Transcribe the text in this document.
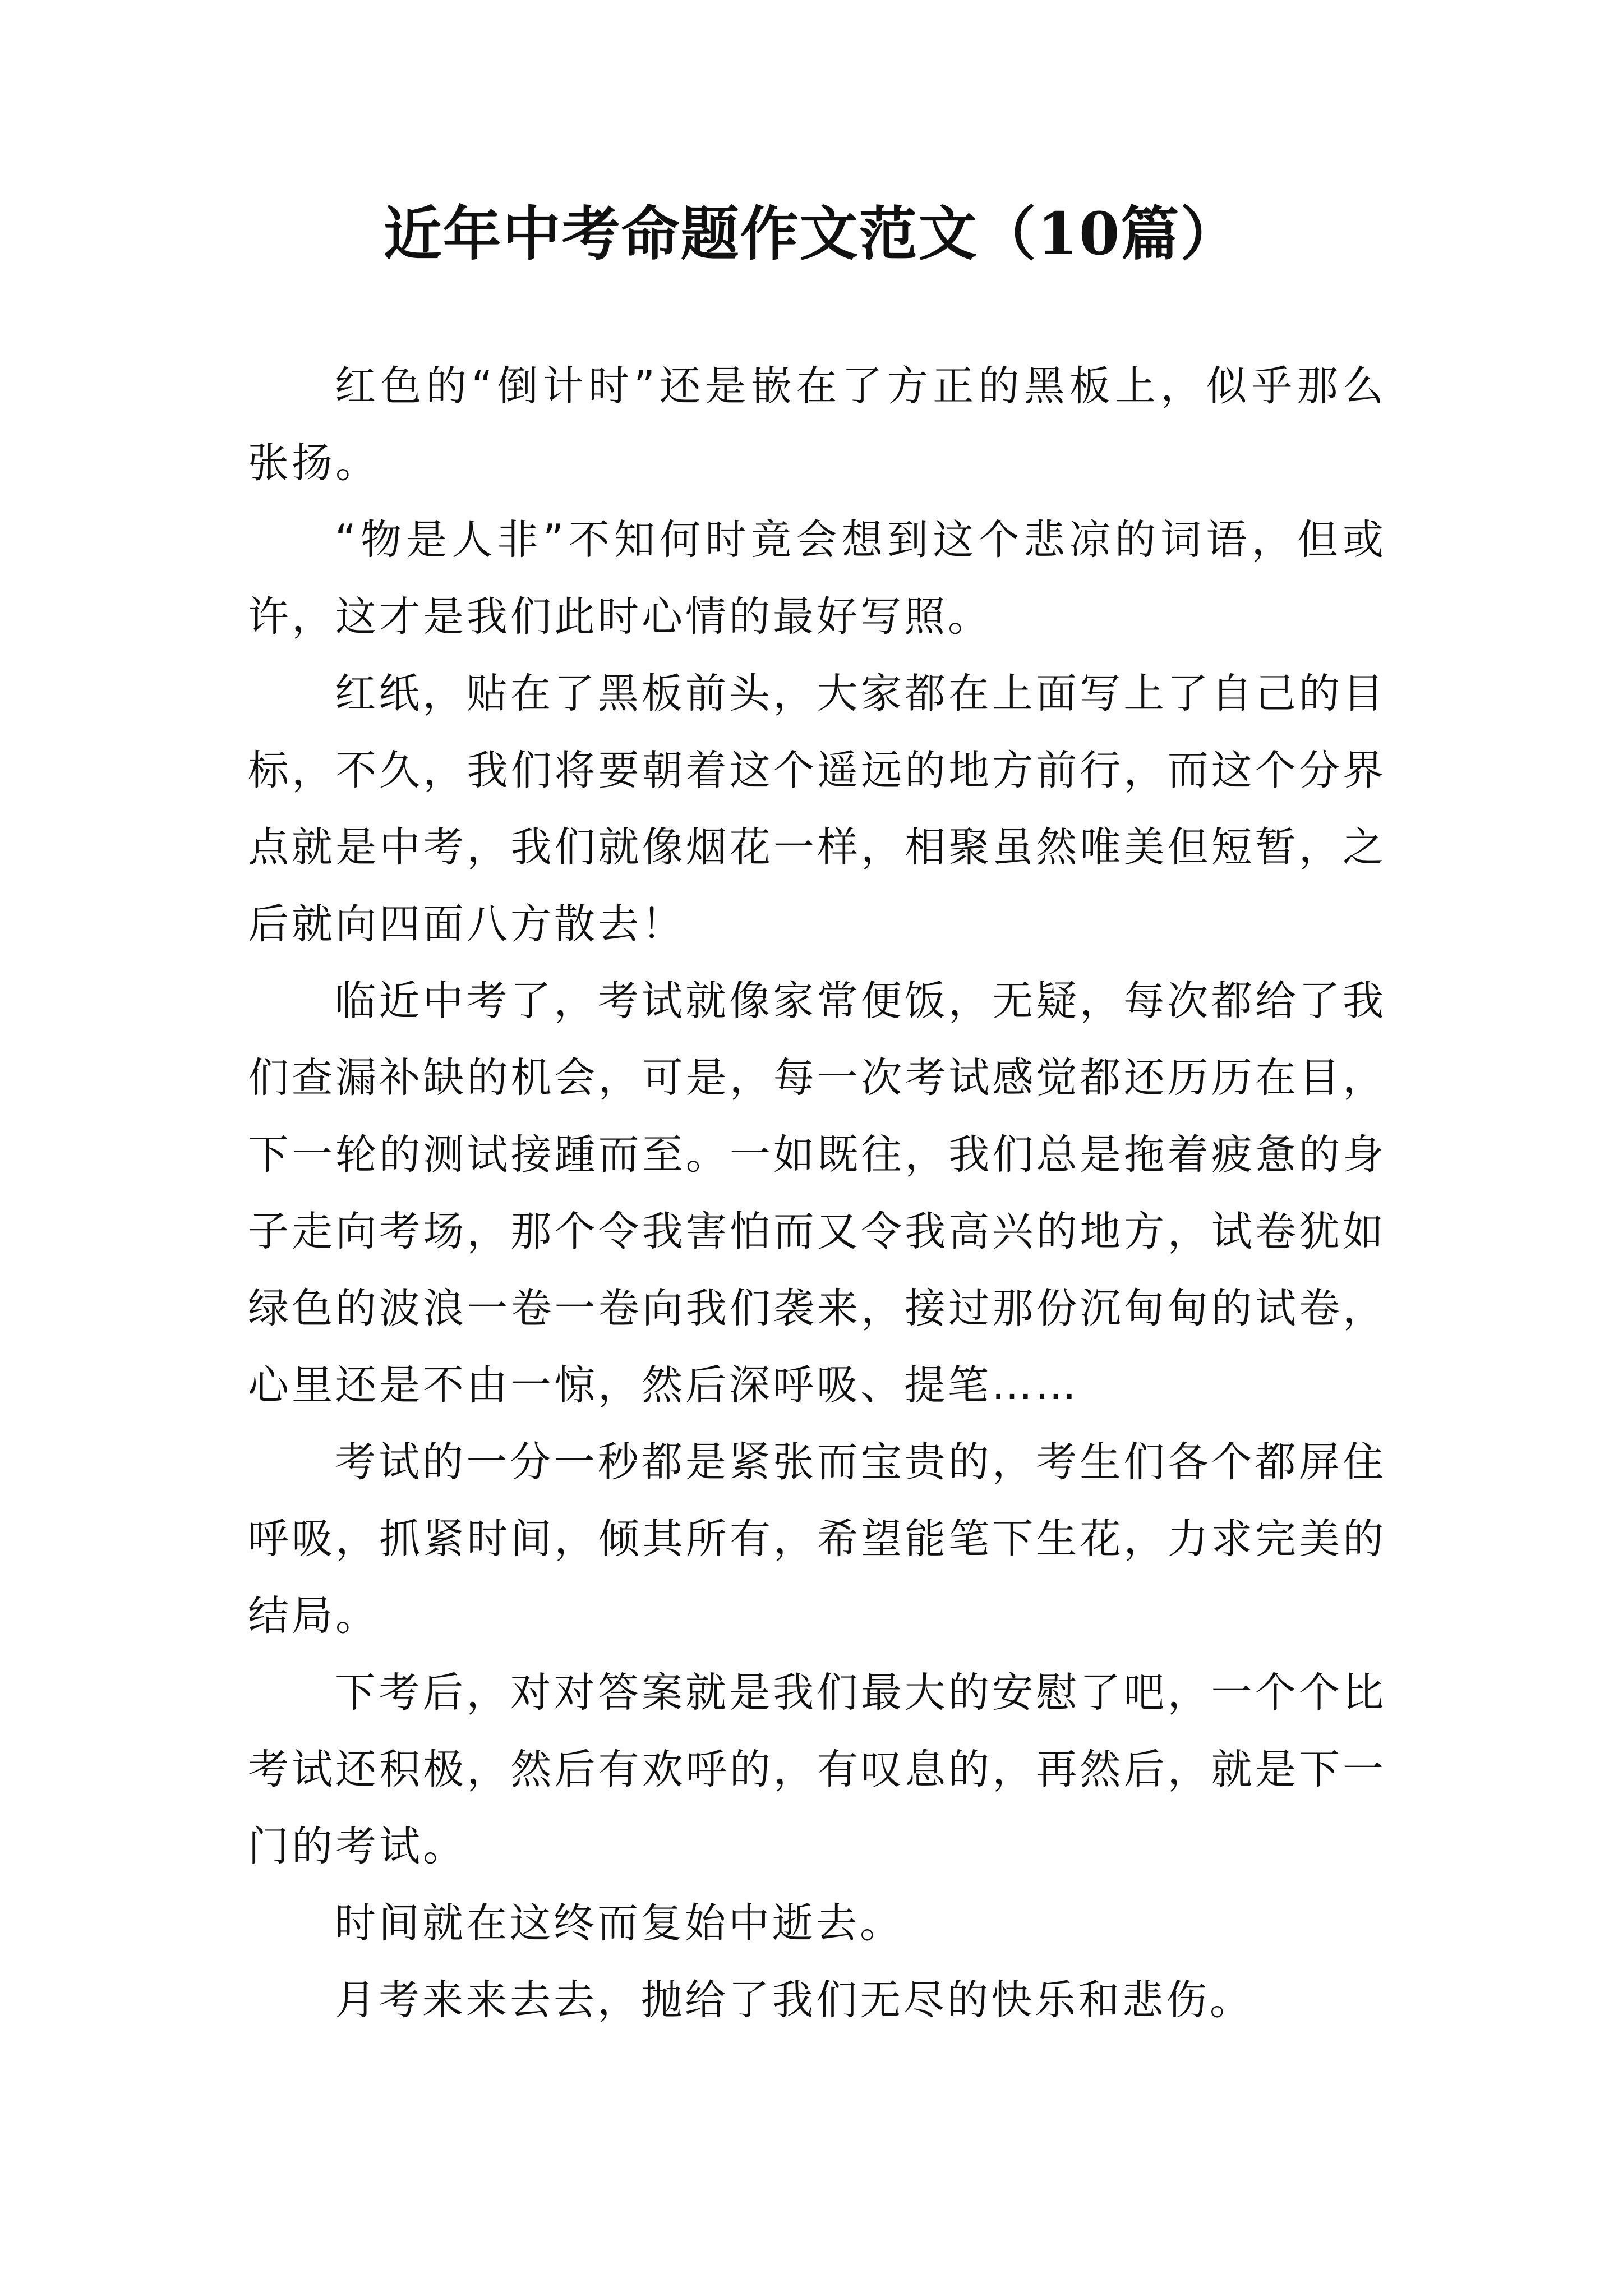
近年中考命题作文范文（10篇）

红色的“倒计时”还是嵌在了方正的黑板上，似乎那么张扬。

“物是人非”不知何时竟会想到这个悲凉的词语，但或许，这才是我们此时心情的最好写照。

红纸，贴在了黑板前头，大家都在上面写上了自己的目标，不久，我们将要朝着这个遥远的地方前行，而这个分界点就是中考，我们就像烟花一样，相聚虽然唯美但短暂，之后就向四面八方散去！

临近中考了，考试就像家常便饭，无疑，每次都给了我们查漏补缺的机会，可是，每一次考试感觉都还历历在目，下一轮的测试接踵而至。一如既往，我们总是拖着疲惫的身子走向考场，那个令我害怕而又令我高兴的地方，试卷犹如绿色的波浪一卷一卷向我们袭来，接过那份沉甸甸的试卷，心里还是不由一惊，然后深呼吸、提笔……

考试的一分一秒都是紧张而宝贵的，考生们各个都屏住呼吸，抓紧时间，倾其所有，希望能笔下生花，力求完美的结局。

下考后，对对答案就是我们最大的安慰了吧，一个个比考试还积极，然后有欢呼的，有叹息的，再然后，就是下一门的考试。

时间就在这终而复始中逝去。

月考来来去去，抛给了我们无尽的快乐和悲伤。
